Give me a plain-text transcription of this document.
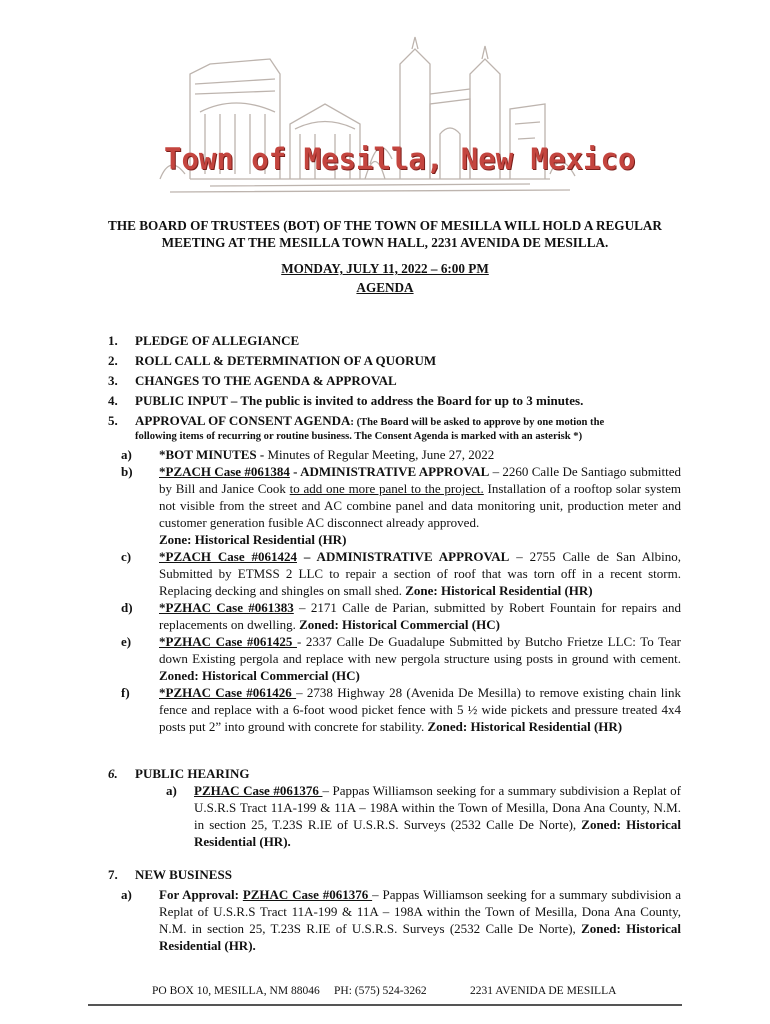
Town of Mesilla, New Mexico
THE BOARD OF TRUSTEES (BOT) OF THE TOWN OF MESILLA WILL HOLD A REGULAR
MEETING AT THE MESILLA TOWN HALL, 2231 AVENIDA DE MESILLA.
MONDAY, JULY 11, 2022 – 6:00 PM
AGENDA
1. PLEDGE OF ALLEGIANCE
2. ROLL CALL & DETERMINATION OF A QUORUM
3. CHANGES TO THE AGENDA & APPROVAL
4. PUBLIC INPUT – The public is invited to address the Board for up to 3 minutes.
5. APPROVAL OF CONSENT AGENDA: (The Board will be asked to approve by one motion the
following items of recurring or routine business. The Consent Agenda is marked with an asterisk *)
a) *BOT MINUTES - Minutes of Regular Meeting, June 27, 2022
b) *PZACH Case #061384 - ADMINISTRATIVE APPROVAL – 2260 Calle De Santiago submitted by Bill and Janice Cook to add one more panel to the project. Installation of a rooftop solar system not visible from the street and AC combine panel and data monitoring unit, production meter and customer generation fusible AC disconnect already approved.
Zone: Historical Residential (HR)
c) *PZACH Case #061424 – ADMINISTRATIVE APPROVAL – 2755 Calle de San Albino, Submitted by ETMSS 2 LLC to repair a section of roof that was torn off in a recent storm. Replacing decking and shingles on small shed. Zone: Historical Residential (HR)
d) *PZHAC Case #061383 – 2171 Calle de Parian, submitted by Robert Fountain for repairs and replacements on dwelling. Zoned: Historical Commercial (HC)
e) *PZHAC Case #061425 - 2337 Calle De Guadalupe Submitted by Butcho Frietze LLC: To Tear down Existing pergola and replace with new pergola structure using posts in ground with cement. Zoned: Historical Commercial (HC)
f) *PZHAC Case #061426 – 2738 Highway 28 (Avenida De Mesilla) to remove existing chain link fence and replace with a 6-foot wood picket fence with 5 ½ wide pickets and pressure treated 4x4 posts put 2” into ground with concrete for stability. Zoned: Historical Residential (HR)
6. PUBLIC HEARING
a) PZHAC Case #061376 – Pappas Williamson seeking for a summary subdivision a Replat of U.S.R.S Tract 11A-199 & 11A – 198A within the Town of Mesilla, Dona Ana County, N.M. in section 25, T.23S R.IE of U.S.R.S. Surveys (2532 Calle De Norte), Zoned: Historical Residential (HR).
7. NEW BUSINESS
a) For Approval: PZHAC Case #061376 – Pappas Williamson seeking for a summary subdivision a Replat of U.S.R.S Tract 11A-199 & 11A – 198A within the Town of Mesilla, Dona Ana County, N.M. in section 25, T.23S R.IE of U.S.R.S. Surveys (2532 Calle De Norte), Zoned: Historical Residential (HR).
PO BOX 10, MESILLA, NM 88046 PH: (575) 524-3262	2231 AVENIDA DE MESILLA
